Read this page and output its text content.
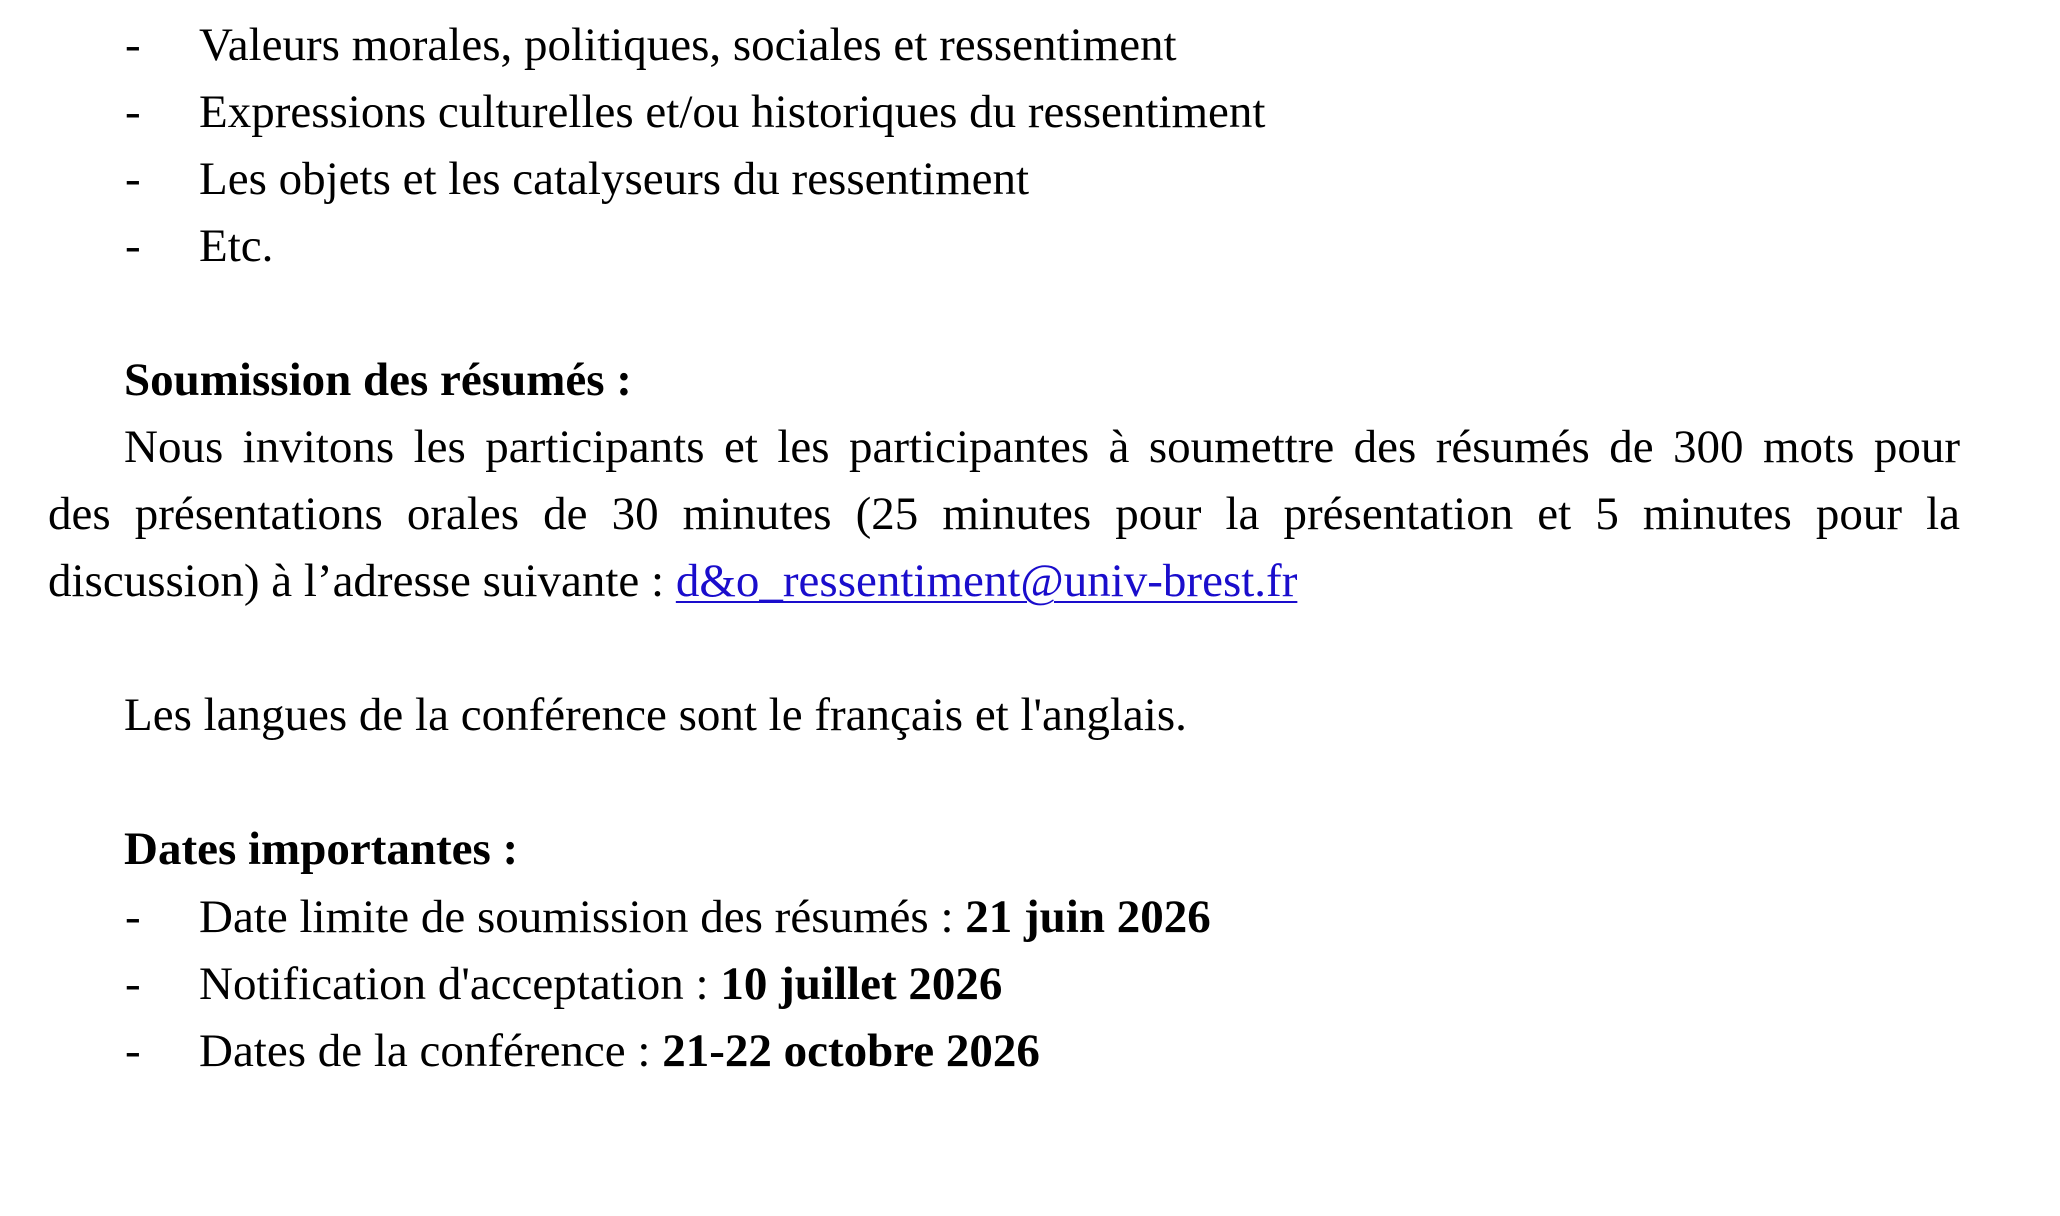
- Valeurs morales, politiques, sociales et ressentiment
- Expressions culturelles et/ou historiques du ressentiment
- Les objets et les catalyseurs du ressentiment
- Etc.
Soumission des résumés :
Nous invitons les participants et les participantes à soumettre des résumés de 300 mots pour
des présentations orales de 30 minutes (25 minutes pour la présentation et 5 minutes pour la
discussion) à l’adresse suivante : d&o_ressentiment@univ-brest.fr
Les langues de la conférence sont le français et l'anglais.
Dates importantes :
- Date limite de soumission des résumés : 21 juin 2026
- Notification d'acceptation : 10 juillet 2026
- Dates de la conférence : 21-22 octobre 2026
